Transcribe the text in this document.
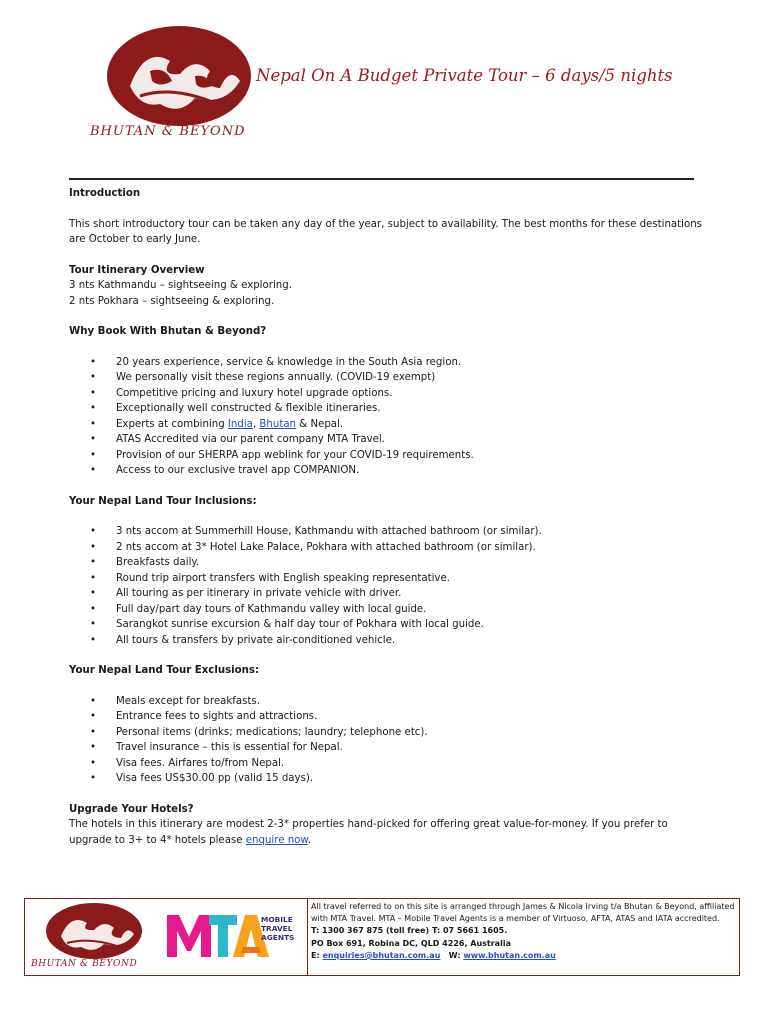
BHUTAN & BEYOND
Nepal On A Budget Private Tour – 6 days/5 nights

Introduction

This short introductory tour can be taken any day of the year, subject to availability. The best months for these destinations are October to early June.

Tour Itinerary Overview

3 nts Kathmandu – sightseeing & exploring.

2 nts Pokhara – sightseeing & exploring.

Why Book With Bhutan & Beyond?

• 20 years experience, service & knowledge in the South Asia region.
• We personally visit these regions annually. (COVID-19 exempt)
• Competitive pricing and luxury hotel upgrade options.
• Exceptionally well constructed & flexible itineraries.
• Experts at combining India, Bhutan & Nepal.
• ATAS Accredited via our parent company MTA Travel.
• Provision of our SHERPA app weblink for your COVID-19 requirements.
• Access to our exclusive travel app COMPANION.

Your Nepal Land Tour Inclusions:

• 3 nts accom at Summerhill House, Kathmandu with attached bathroom (or similar).
• 2 nts accom at 3* Hotel Lake Palace, Pokhara with attached bathroom (or similar).
• Breakfasts daily.
• Round trip airport transfers with English speaking representative.
• All touring as per itinerary in private vehicle with driver.
• Full day/part day tours of Kathmandu valley with local guide.
• Sarangkot sunrise excursion & half day tour of Pokhara with local guide.
• All tours & transfers by private air-conditioned vehicle.

Your Nepal Land Tour Exclusions:

• Meals except for breakfasts.
• Entrance fees to sights and attractions.
• Personal items (drinks; medications; laundry; telephone etc).
• Travel insurance – this is essential for Nepal.
• Visa fees. Airfares to/from Nepal.
• Visa fees US$30.00 pp (valid 15 days).

Upgrade Your Hotels?

The hotels in this itinerary are modest 2-3* properties hand-picked for offering great value-for-money. If you prefer to upgrade to 3+ to 4* hotels please enquire now.

BHUTAN & BEYOND
MOBILE
TRAVEL
AGENTS
All travel referred to on this site is arranged through James & Nicola Irving t/a Bhutan & Beyond, affiliated with MTA Travel. MTA – Mobile Travel Agents is a member of Virtuoso, AFTA, ATAS and IATA accredited.
T: 1300 367 875 (toll free) T: 07 5661 1605.
PO Box 691, Robina DC, QLD 4226, Australia
E: enquiries@bhutan.com.au   W: www.bhutan.com.au
